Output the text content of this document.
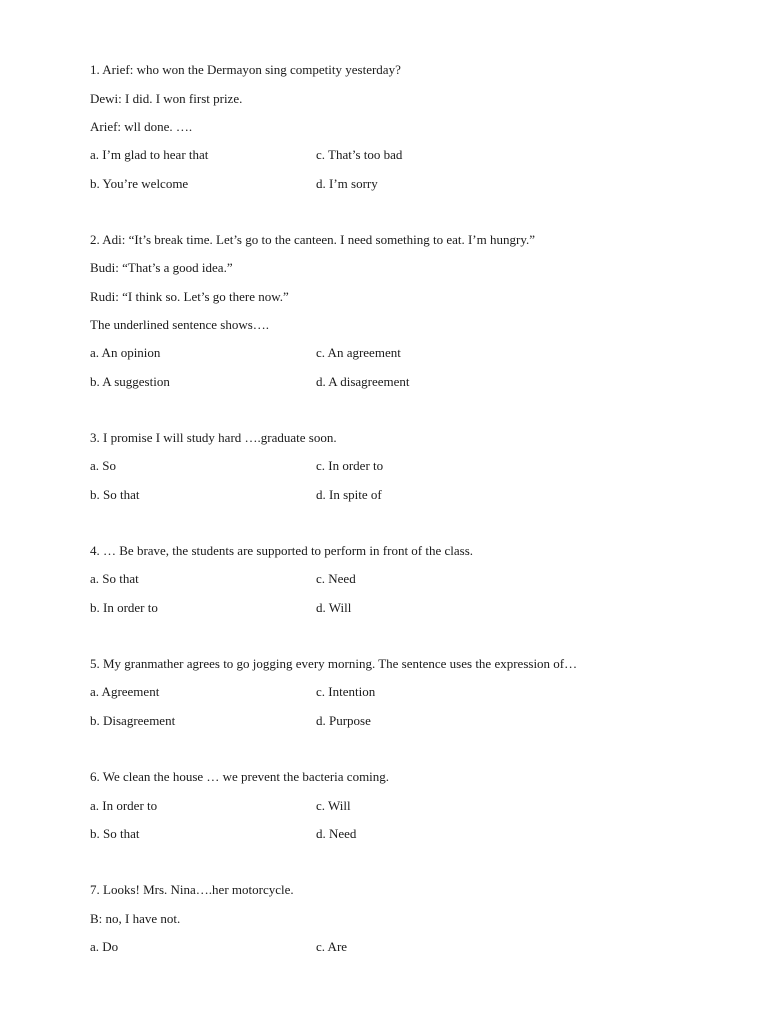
1. Arief: who won the Dermayon sing competity yesterday?
Dewi: I did. I won first prize.
Arief: wll done. ….
a. I’m glad to hear that	c. That’s too bad
b. You’re welcome	d. I’m sorry
2. Adi: “It’s break time. Let’s go to the canteen. I need something to eat. I’m hungry.”
Budi: “That’s a good idea.”
Rudi: “I think so. Let’s go there now.”
The underlined sentence shows….
a. An opinion	c. An agreement
b. A suggestion	d. A disagreement
3. I promise I will study hard ….graduate soon.
a. So	c. In order to
b. So that	d. In spite of
4. … Be brave, the students are supported to perform in front of the class.
a. So that	c. Need
b. In order to	d. Will
5. My granmather agrees to go jogging every morning. The sentence uses the expression of…
a. Agreement	c. Intention
b. Disagreement	d. Purpose
6. We clean the house … we prevent the bacteria coming.
a. In order to	c. Will
b. So that	d. Need
7. Looks! Mrs. Nina….her motorcycle.
B: no, I have not.
a. Do	c. Are
